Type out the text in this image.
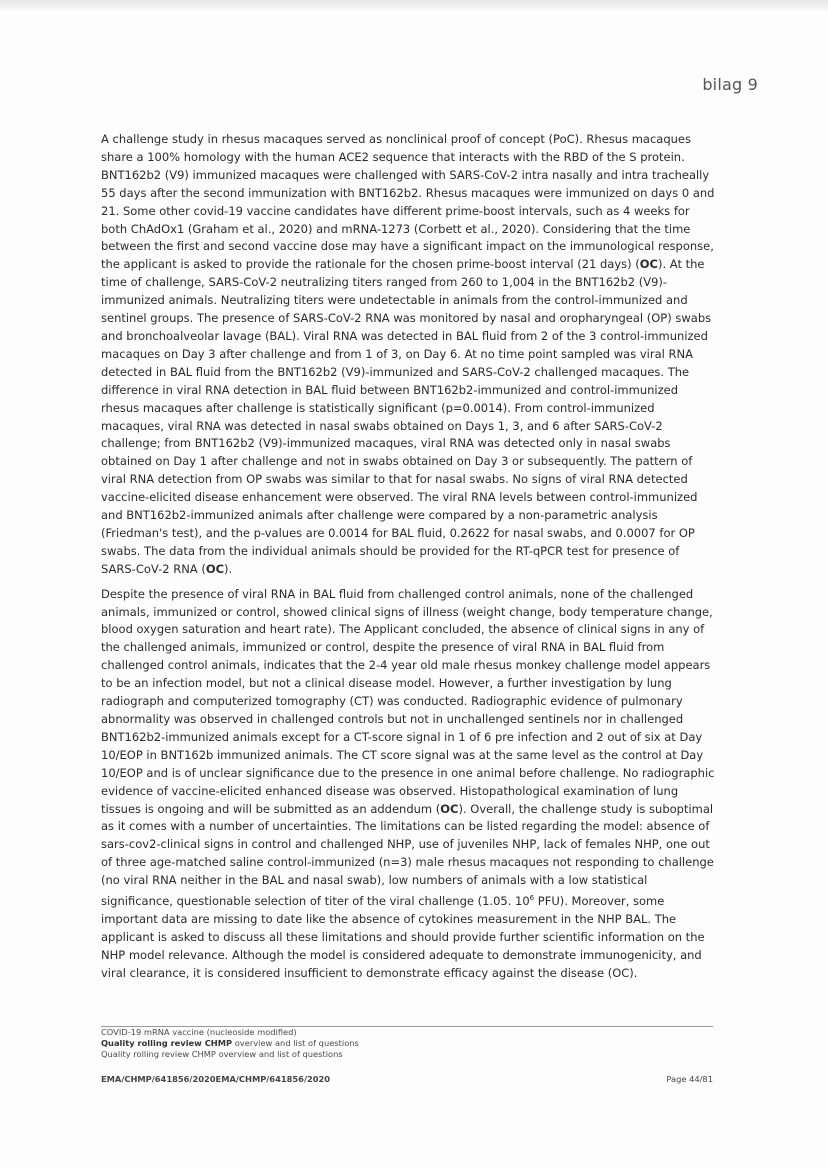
bilag 9

A challenge study in rhesus macaques served as nonclinical proof of concept (PoC). Rhesus macaques share a 100% homology with the human ACE2 sequence that interacts with the RBD of the S protein. BNT162b2 (V9) immunized macaques were challenged with SARS-CoV-2 intra nasally and intra tracheally 55 days after the second immunization with BNT162b2. Rhesus macaques were immunized on days 0 and 21. Some other covid-19 vaccine candidates have different prime-boost intervals, such as 4 weeks for both ChAdOx1 (Graham et al., 2020) and mRNA-1273 (Corbett et al., 2020). Considering that the time between the first and second vaccine dose may have a significant impact on the immunological response, the applicant is asked to provide the rationale for the chosen prime-boost interval (21 days) (OC). At the time of challenge, SARS-CoV-2 neutralizing titers ranged from 260 to 1,004 in the BNT162b2 (V9)-immunized animals. Neutralizing titers were undetectable in animals from the control-immunized and sentinel groups. The presence of SARS-CoV-2 RNA was monitored by nasal and oropharyngeal (OP) swabs and bronchoalveolar lavage (BAL). Viral RNA was detected in BAL fluid from 2 of the 3 control-immunized macaques on Day 3 after challenge and from 1 of 3, on Day 6. At no time point sampled was viral RNA detected in BAL fluid from the BNT162b2 (V9)-immunized and SARS-CoV-2 challenged macaques. The difference in viral RNA detection in BAL fluid between BNT162b2-immunized and control-immunized rhesus macaques after challenge is statistically significant (p=0.0014). From control-immunized macaques, viral RNA was detected in nasal swabs obtained on Days 1, 3, and 6 after SARS-CoV-2 challenge; from BNT162b2 (V9)-immunized macaques, viral RNA was detected only in nasal swabs obtained on Day 1 after challenge and not in swabs obtained on Day 3 or subsequently. The pattern of viral RNA detection from OP swabs was similar to that for nasal swabs. No signs of viral RNA detected vaccine-elicited disease enhancement were observed. The viral RNA levels between control-immunized and BNT162b2-immunized animals after challenge were compared by a non-parametric analysis (Friedman's test), and the p-values are 0.0014 for BAL fluid, 0.2622 for nasal swabs, and 0.0007 for OP swabs. The data from the individual animals should be provided for the RT-qPCR test for presence of SARS-CoV-2 RNA (OC).

Despite the presence of viral RNA in BAL fluid from challenged control animals, none of the challenged animals, immunized or control, showed clinical signs of illness (weight change, body temperature change, blood oxygen saturation and heart rate). The Applicant concluded, the absence of clinical signs in any of the challenged animals, immunized or control, despite the presence of viral RNA in BAL fluid from challenged control animals, indicates that the 2-4 year old male rhesus monkey challenge model appears to be an infection model, but not a clinical disease model. However, a further investigation by lung radiograph and computerized tomography (CT) was conducted. Radiographic evidence of pulmonary abnormality was observed in challenged controls but not in unchallenged sentinels nor in challenged BNT162b2-immunized animals except for a CT-score signal in 1 of 6 pre infection and 2 out of six at Day 10/EOP in BNT162b immunized animals. The CT score signal was at the same level as the control at Day 10/EOP and is of unclear significance due to the presence in one animal before challenge. No radiographic evidence of vaccine-elicited enhanced disease was observed. Histopathological examination of lung tissues is ongoing and will be submitted as an addendum (OC). Overall, the challenge study is suboptimal as it comes with a number of uncertainties. The limitations can be listed regarding the model: absence of sars-cov2-clinical signs in control and challenged NHP, use of juveniles NHP, lack of females NHP, one out of three age-matched saline control-immunized (n=3) male rhesus macaques not responding to challenge (no viral RNA neither in the BAL and nasal swab), low numbers of animals with a low statistical significance, questionable selection of titer of the viral challenge (1.05. $10^6$ PFU). Moreover, some important data are missing to date like the absence of cytokines measurement in the NHP BAL. The applicant is asked to discuss all these limitations and should provide further scientific information on the NHP model relevance. Although the model is considered adequate to demonstrate immunogenicity, and viral clearance, it is considered insufficient to demonstrate efficacy against the disease (OC).

COVID-19 mRNA vaccine (nucleoside modified)
Quality rolling review CHMP overview and list of questions
Quality rolling review CHMP overview and list of questions
EMA/CHMP/641856/2020EMA/CHMP/641856/2020	Page 44/81
